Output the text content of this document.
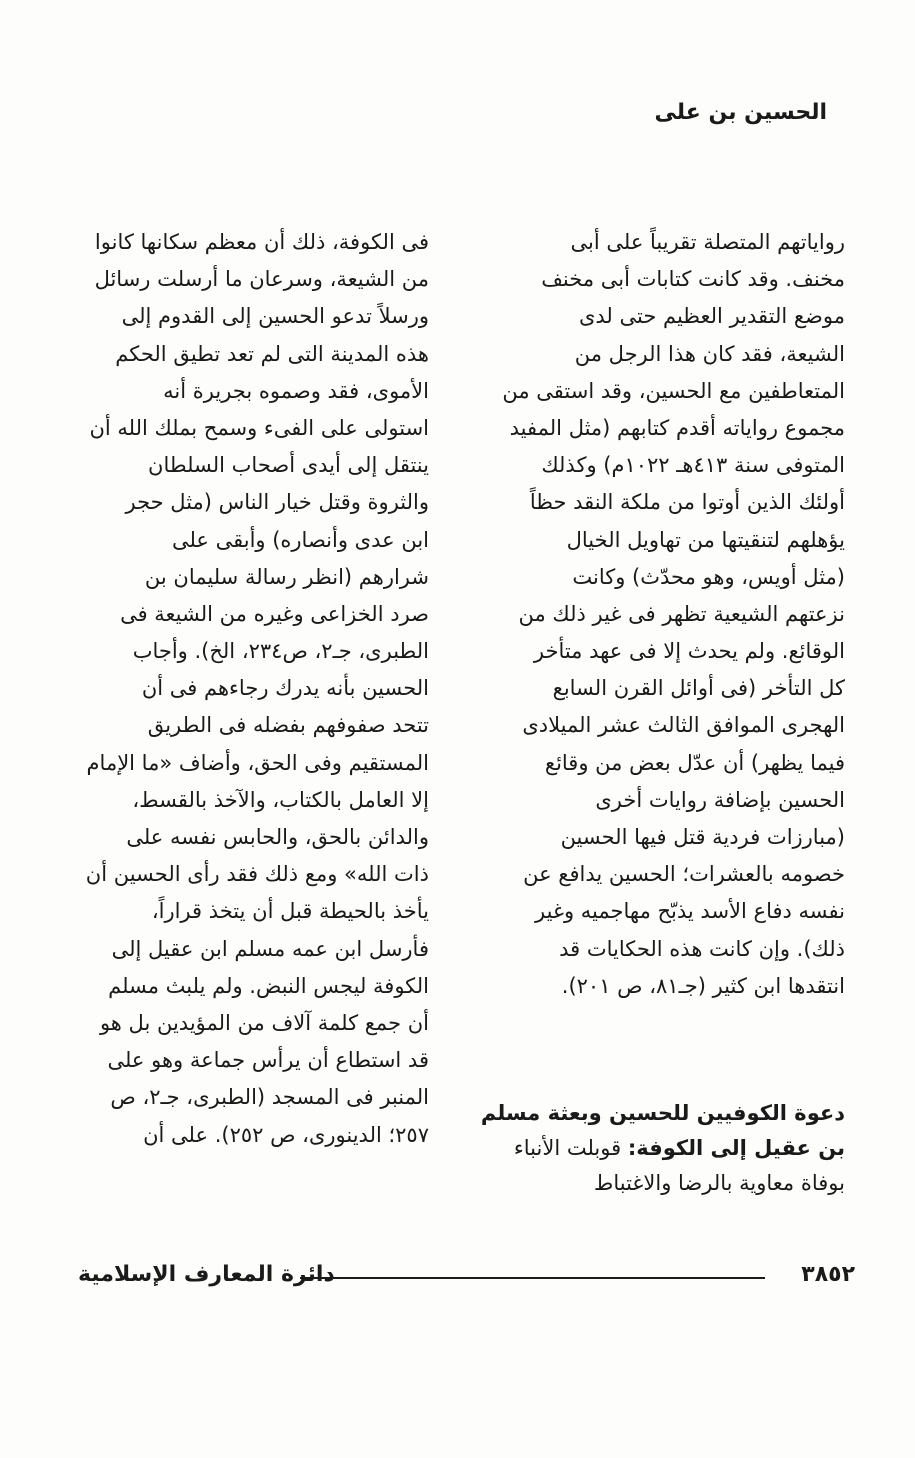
الحسين بن على
رواياتهم المتصلة تقريباً على أبى
مخنف. وقد كانت كتابات أبى مخنف
موضع التقدير العظيم حتى لدى
الشيعة، فقد كان هذا الرجل من
المتعاطفين مع الحسين، وقد استقى من
مجموع رواياته أقدم كتابهم (مثل المفيد
المتوفى سنة ٤١٣هـ ١٠٢٢م) وكذلك
أولئك الذين أوتوا من ملكة النقد حظاً
يؤهلهم لتنقيتها من تهاويل الخيال
(مثل أويس، وهو محدّث) وكانت
نزعتهم الشيعية تظهر فى غير ذلك من
الوقائع. ولم يحدث إلا فى عهد متأخر
كل التأخر (فى أوائل القرن السابع
الهجرى الموافق الثالث عشر الميلادى
فيما يظهر) أن عدّل بعض من وقائع
الحسين بإضافة روايات أخرى
(مبارزات فردية قتل فيها الحسين
خصومه بالعشرات؛ الحسين يدافع عن
نفسه دفاع الأسد يذبّح مهاجميه وغير
ذلك). وإن كانت هذه الحكايات قد
انتقدها ابن كثير (جـ٨١، ص ٢٠١).
دعوة الكوفيين للحسين وبعثة مسلم بن عقيل إلى الكوفة: قوبلت الأنباء بوفاة معاوية بالرضا والاغتباط
فى الكوفة، ذلك أن معظم سكانها كانوا
من الشيعة، وسرعان ما أرسلت رسائل
ورسلاً تدعو الحسين إلى القدوم إلى
هذه المدينة التى لم تعد تطيق الحكم
الأموى، فقد وصموه بجريرة أنه
استولى على الفىء وسمح بملك الله أن
ينتقل إلى أيدى أصحاب السلطان
والثروة وقتل خيار الناس (مثل حجر
ابن عدى وأنصاره) وأبقى على
شرارهم (انظر رسالة سليمان بن
صرد الخزاعى وغيره من الشيعة فى
الطبرى، جـ٢، ص٢٣٤، الخ). وأجاب
الحسين بأنه يدرك رجاءهم فى أن
تتحد صفوفهم بفضله فى الطريق
المستقيم وفى الحق، وأضاف «ما الإمام
إلا العامل بالكتاب، والآخذ بالقسط،
والدائن بالحق، والحابس نفسه على
ذات الله» ومع ذلك فقد رأى الحسين أن
يأخذ بالحيطة قبل أن يتخذ قراراً،
فأرسل ابن عمه مسلم ابن عقيل إلى
الكوفة ليجس النبض. ولم يلبث مسلم
أن جمع كلمة آلاف من المؤيدين بل هو
قد استطاع أن يرأس جماعة وهو على
المنبر فى المسجد (الطبرى، جـ٢، ص
٢٥٧؛ الدينورى، ص ٢٥٢). على أن
٣٨٥٢
دائرة المعارف الإسلامية
